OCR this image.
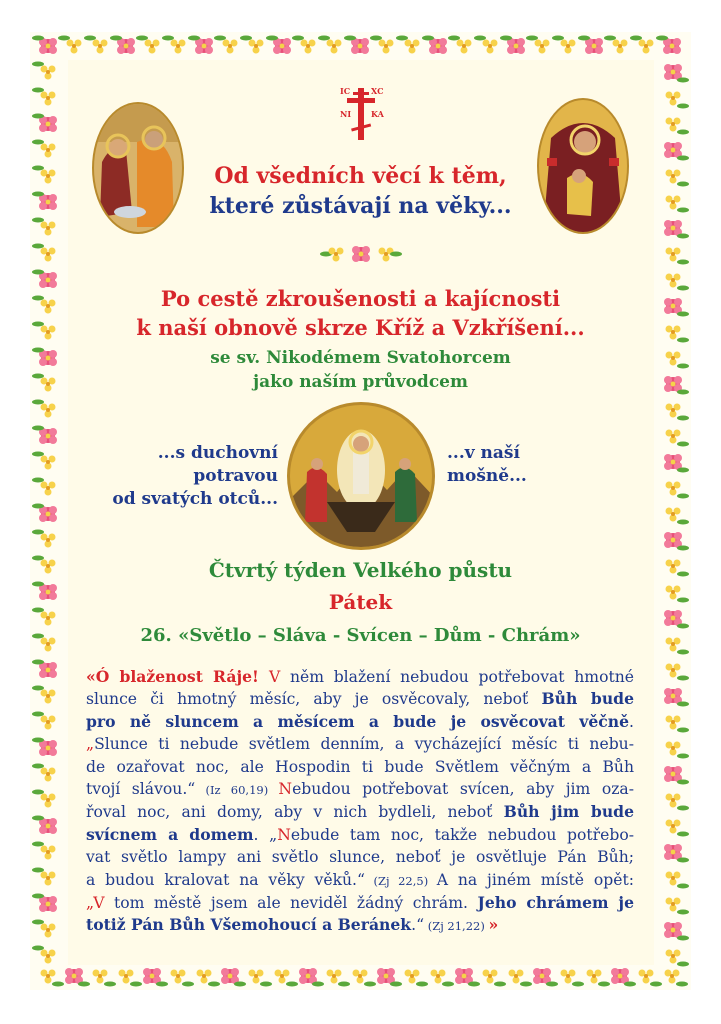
IC	XC
NI KA
Od všedních věcí k těm,
které zůstávají na věky...
Po cestě zkroušenosti a kajícnosti
k naší obnově skrze Kříž a Vzkříšení...
se sv. Nikodémem Svatohorcem
jako naším průvodcem
...s duchovní
potravou
od svatých otců...
...v naší
mošně...
Čtvrtý týden Velkého půstu
Pátek
26. «Světlo – Sláva - Svícen – Dům - Chrám»
«Ó blaženost Ráje! V něm blažení nebudou potřebovat hmotné
slunce či hmotný měsíc, aby je osvěcovaly, neboť Bůh bude
pro ně sluncem a měsícem a bude je osvěcovat věčně.
„Slunce ti nebude světlem denním, a vycházející měsíc ti nebu-
de ozařovat noc, ale Hospodin ti bude Světlem věčným a Bůh
tvojí slávou.“ (Iz 60,19) Nebudou potřebovat svícen, aby jim oza-
řoval noc, ani domy, aby v nich bydleli, neboť Bůh jim bude
svícnem a domem. „Nebude tam noc, takže nebudou potřebo-
vat světlo lampy ani světlo slunce, neboť je osvětluje Pán Bůh;
a budou kralovat na věky věků.“ (Zj 22,5) A na jiném místě opět:
„V tom městě jsem ale neviděl žádný chrám. Jeho chrámem je
totiž Pán Bůh Všemohoucí a Beránek.“ (Zj 21,22) »
